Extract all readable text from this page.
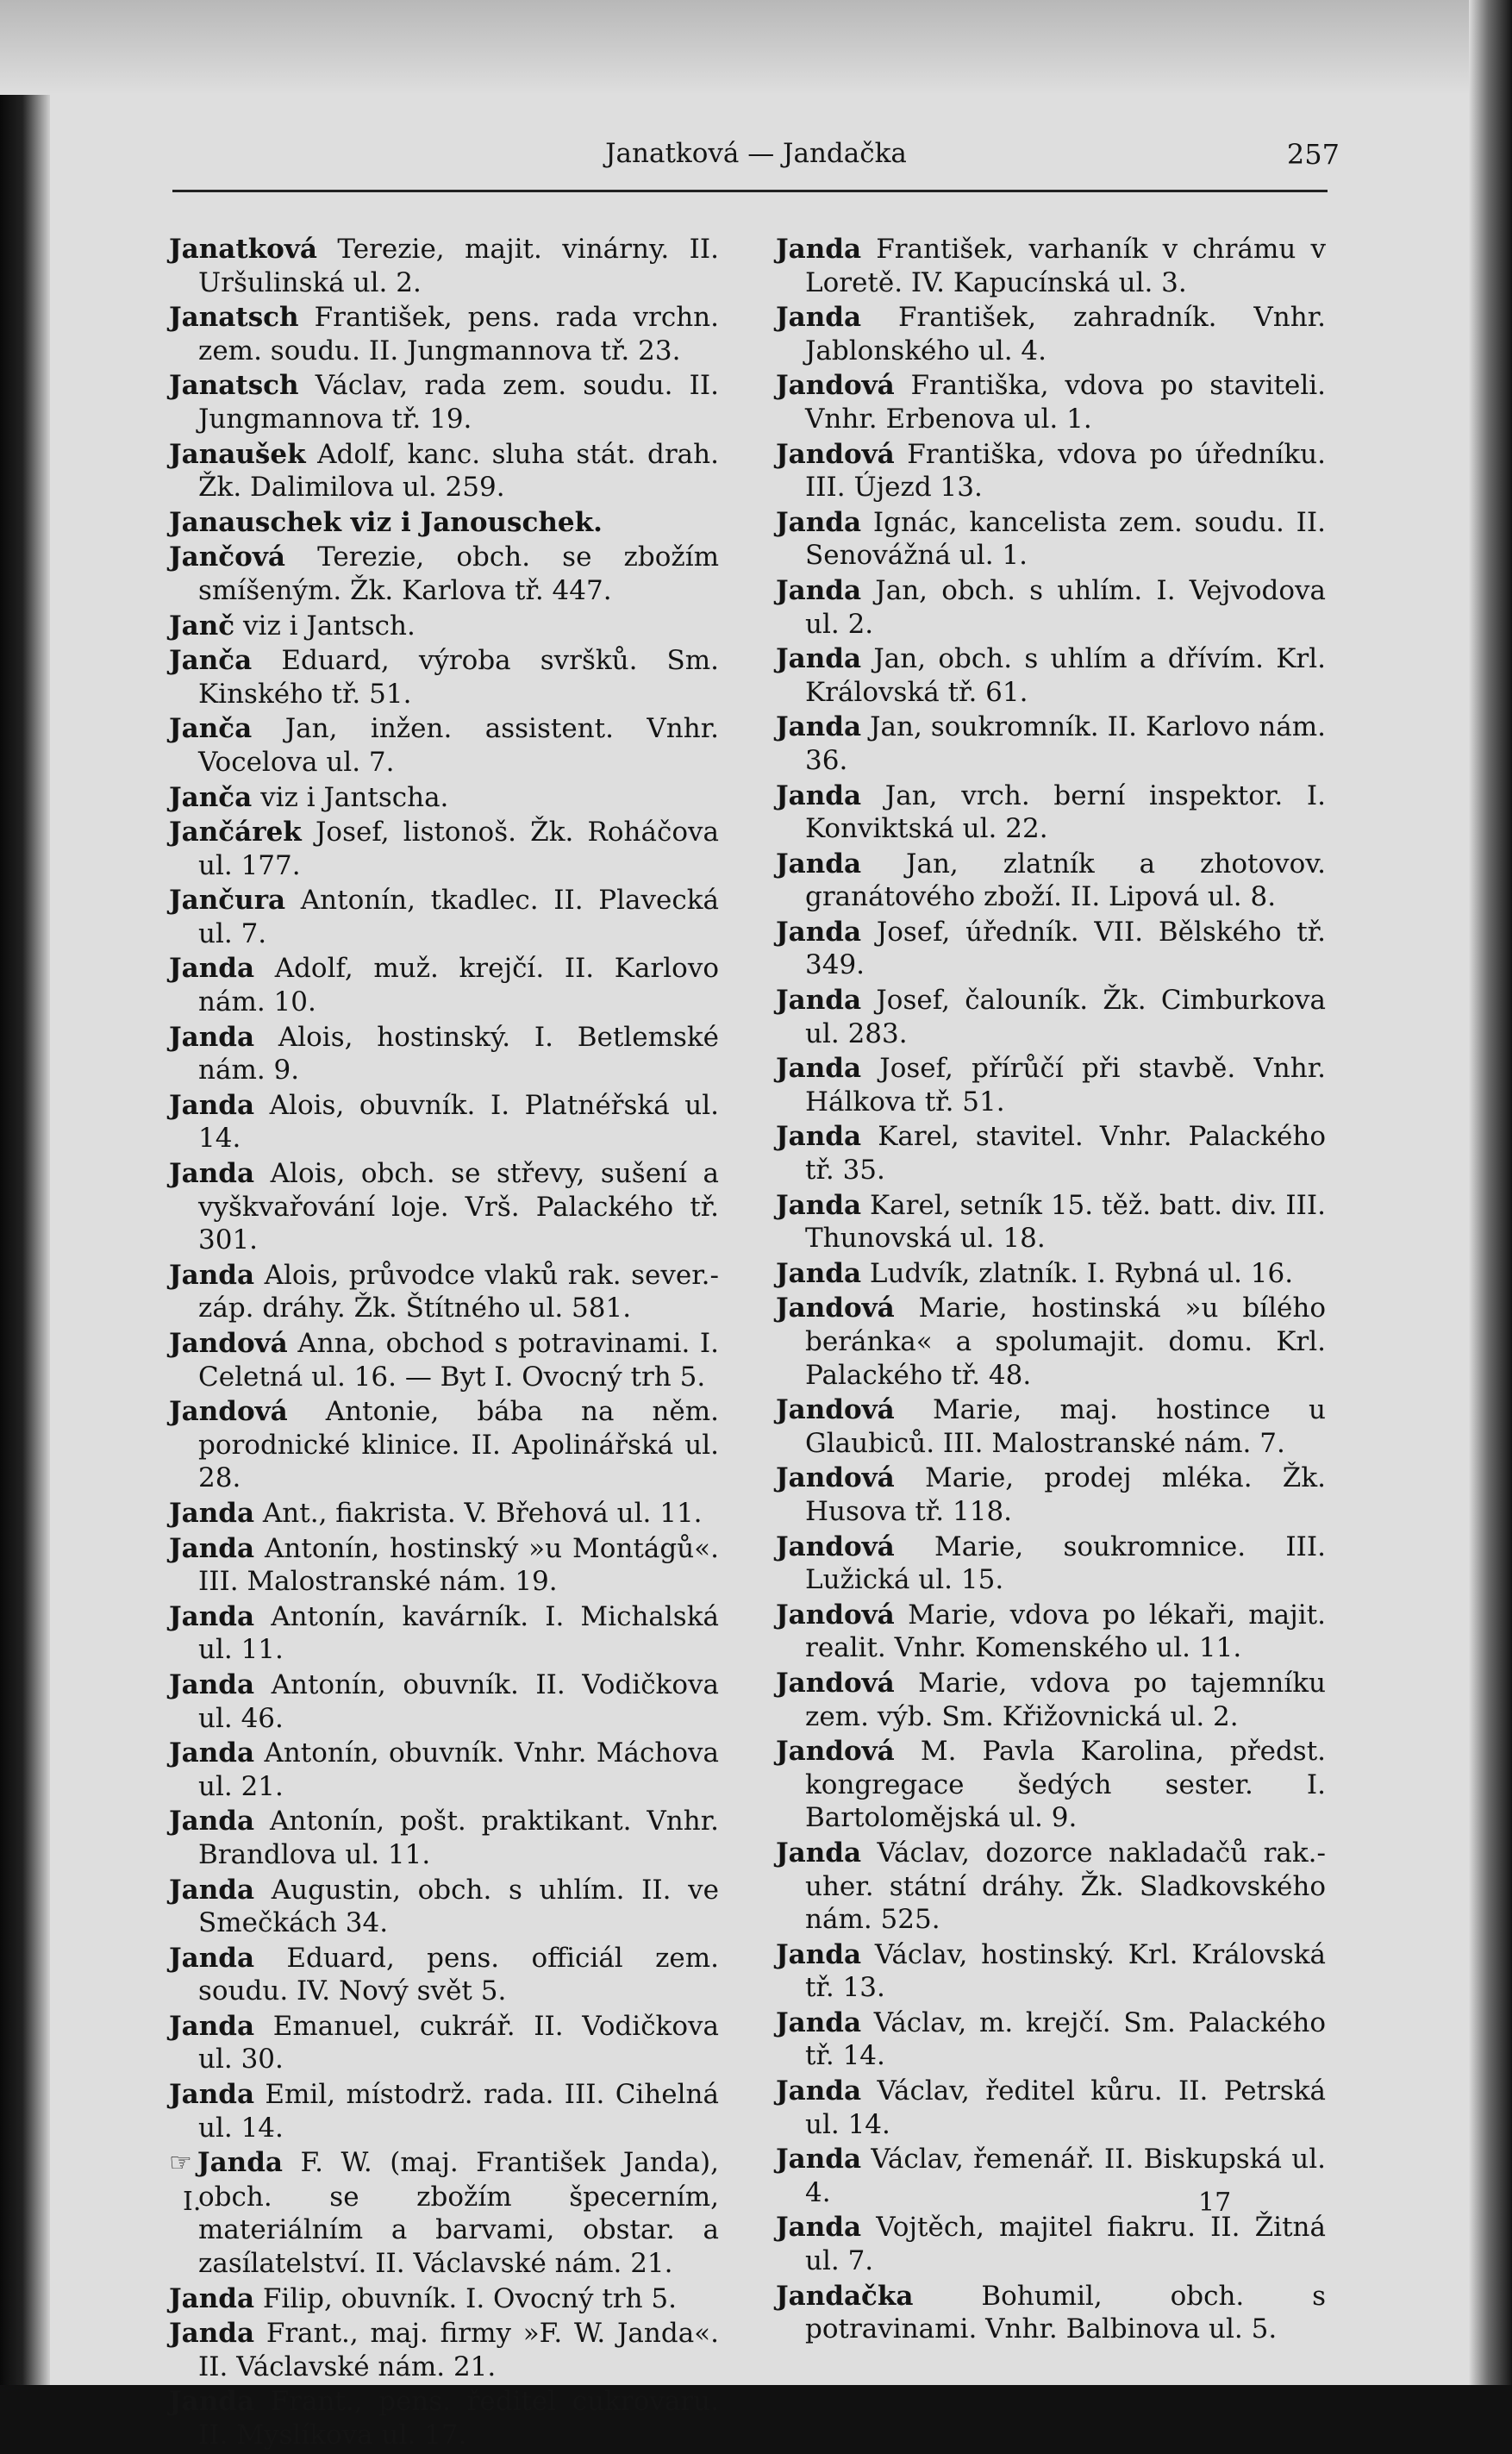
Janatková — Jandačka	257
Janatková Terezie, majit. vinárny. II. Uršulinská ul. 2.
Janatsch František, pens. rada vrchn. zem. soudu. II. Jungmannova tř. 23.
Janatsch Václav, rada zem. soudu. II. Jungmannova tř. 19.
Janaušek Adolf, kanc. sluha stát. drah. Žk. Dalimilova ul. 259.
Janauschek viz i Janouschek.
Jančová Terezie, obch. se zbožím smíšeným. Žk. Karlova tř. 447.
Janč viz i Jantsch.
Janča Eduard, výroba svršků. Sm. Kinského tř. 51.
Janča Jan, inžen. assistent. Vnhr. Vocelova ul. 7.
Janča viz i Jantscha.
Jančárek Josef, listonoš. Žk. Roháčova ul. 177.
Jančura Antonín, tkadlec. II. Plavecká ul. 7.
Janda Adolf, muž. krejčí. II. Karlovo nám. 10.
Janda Alois, hostinský. I. Betlemské nám. 9.
Janda Alois, obuvník. I. Platnéřská ul. 14.
Janda Alois, obch. se střevy, sušení a vyškvařování loje. Vrš. Palackého tř. 301.
Janda Alois, průvodce vlaků rak. sever.-záp. dráhy. Žk. Štítného ul. 581.
Jandová Anna, obchod s potravinami. I. Celetná ul. 16. — Byt I. Ovocný trh 5.
Jandová Antonie, bába na něm. porodnické klinice. II. Apolinářská ul. 28.
Janda Ant., fiakrista. V. Břehová ul. 11.
Janda Antonín, hostinský »u Montágů«. III. Malostranské nám. 19.
Janda Antonín, kavárník. I. Michalská ul. 11.
Janda Antonín, obuvník. II. Vodičkova ul. 46.
Janda Antonín, obuvník. Vnhr. Máchova ul. 21.
Janda Antonín, pošt. praktikant. Vnhr. Brandlova ul. 11.
Janda Augustin, obch. s uhlím. II. ve Smečkách 34.
Janda Eduard, pens. officiál zem. soudu. IV. Nový svět 5.
Janda Emanuel, cukrář. II. Vodičkova ul. 30.
Janda Emil, místodrž. rada. III. Cihelná ul. 14.
☞ Janda F. W. (maj. František Janda), obch. se zbožím špecerním, materiálním a barvami, obstar. a zasílatelství. II. Václavské nám. 21.
Janda Filip, obuvník. I. Ovocný trh 5.
Janda Frant., maj. firmy »F. W. Janda«. II. Václavské nám. 21.
Janda Frant., pens. ředitel cukrovaru. II. Myslíkova ul. 17.
Janda František, varhaník v chrámu v Loretě. IV. Kapucínská ul. 3.
Janda František, zahradník. Vnhr. Jablonského ul. 4.
Jandová Františka, vdova po staviteli. Vnhr. Erbenova ul. 1.
Jandová Františka, vdova po úředníku. III. Újezd 13.
Janda Ignác, kancelista zem. soudu. II. Senovážná ul. 1.
Janda Jan, obch. s uhlím. I. Vejvodova ul. 2.
Janda Jan, obch. s uhlím a dřívím. Krl. Královská tř. 61.
Janda Jan, soukromník. II. Karlovo nám. 36.
Janda Jan, vrch. berní inspektor. I. Konviktská ul. 22.
Janda Jan, zlatník a zhotovov. granátového zboží. II. Lipová ul. 8.
Janda Josef, úředník. VII. Bělského tř. 349.
Janda Josef, čalouník. Žk. Cimburkova ul. 283.
Janda Josef, přírůčí při stavbě. Vnhr. Hálkova tř. 51.
Janda Karel, stavitel. Vnhr. Palackého tř. 35.
Janda Karel, setník 15. těž. batt. div. III. Thunovská ul. 18.
Janda Ludvík, zlatník. I. Rybná ul. 16.
Jandová Marie, hostinská »u bílého beránka« a spolumajit. domu. Krl. Palackého tř. 48.
Jandová Marie, maj. hostince u Glaubiců. III. Malostranské nám. 7.
Jandová Marie, prodej mléka. Žk. Husova tř. 118.
Jandová Marie, soukromnice. III. Lužická ul. 15.
Jandová Marie, vdova po lékaři, majit. realit. Vnhr. Komenského ul. 11.
Jandová Marie, vdova po tajemníku zem. výb. Sm. Křižovnická ul. 2.
Jandová M. Pavla Karolina, předst. kongregace šedých sester. I. Bartolomějská ul. 9.
Janda Václav, dozorce nakladačů rak.-uher. státní dráhy. Žk. Sladkovského nám. 525.
Janda Václav, hostinský. Krl. Královská tř. 13.
Janda Václav, m. krejčí. Sm. Palackého tř. 14.
Janda Václav, ředitel kůru. II. Petrská ul. 14.
Janda Václav, řemenář. II. Biskupská ul. 4.
Janda Vojtěch, majitel fiakru. II. Žitná ul. 7.
Jandačka	Bohumil, obch. s potravinami. Vnhr. Balbinova ul. 5.
I.	17
